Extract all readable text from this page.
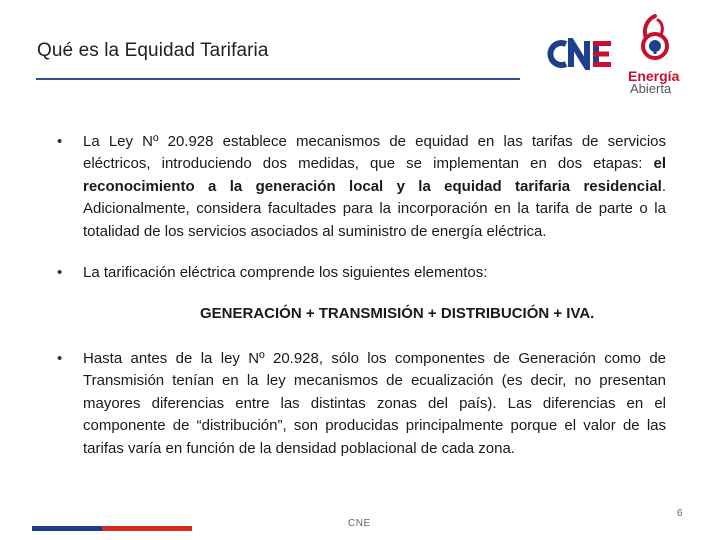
Qué es la Equidad Tarifaria
Energía
Abierta
• La Ley Nº 20.928 establece mecanismos de equidad en las tarifas de servicios eléctricos, introduciendo dos medidas, que se implementan en dos etapas: el reconocimiento a la generación local y la equidad tarifaria residencial. Adicionalmente, considera facultades para la incorporación en la tarifa de parte o la totalidad de los servicios asociados al suministro de energía eléctrica.
• La tarificación eléctrica comprende los siguientes elementos:
GENERACIÓN + TRANSMISIÓN + DISTRIBUCIÓN + IVA.
• Hasta antes de la ley Nº 20.928, sólo los componentes de Generación como de Transmisión tenían en la ley mecanismos de ecualización (es decir, no presentan mayores diferencias entre las distintas zonas del país). Las diferencias en el componente de “distribución”, son producidas principalmente porque el valor de las tarifas varía en función de la densidad poblacional de cada zona.
CNE
6
